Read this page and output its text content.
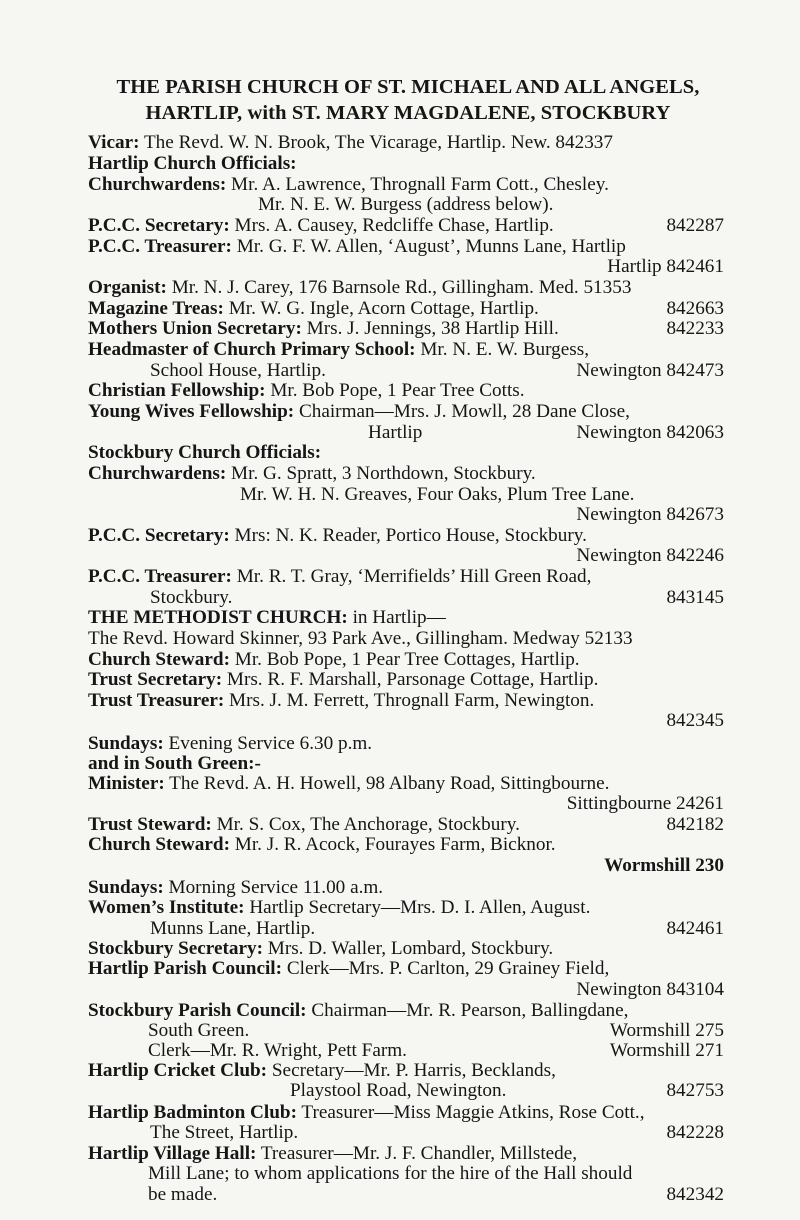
THE PARISH CHURCH OF ST. MICHAEL AND ALL ANGELS,
HARTLIP, with ST. MARY MAGDALENE, STOCKBURY
Vicar: The Revd. W. N. Brook, The Vicarage, Hartlip. New. 842337
Hartlip Church Officials:
Churchwardens: Mr. A. Lawrence, Thrognall Farm Cott., Chesley.
Mr. N. E. W. Burgess (address below).
P.C.C. Secretary: Mrs. A. Causey, Redcliffe Chase, Hartlip.	842287
P.C.C. Treasurer: Mr. G. F. W. Allen, ‘August’, Munns Lane, Hartlip
Hartlip 842461
Organist: Mr. N. J. Carey, 176 Barnsole Rd., Gillingham. Med. 51353
Magazine Treas: Mr. W. G. Ingle, Acorn Cottage, Hartlip.	842663
Mothers Union Secretary: Mrs. J. Jennings, 38 Hartlip Hill.	842233
Headmaster of Church Primary School: Mr. N. E. W. Burgess,
School House, Hartlip.	Newington 842473
Christian Fellowship: Mr. Bob Pope, 1 Pear Tree Cotts.
Young Wives Fellowship: Chairman—Mrs. J. Mowll, 28 Dane Close,
Hartlip	Newington 842063
Stockbury Church Officials:
Churchwardens: Mr. G. Spratt, 3 Northdown, Stockbury.
Mr. W. H. N. Greaves, Four Oaks, Plum Tree Lane.
Newington 842673
P.C.C. Secretary: Mrs: N. K. Reader, Portico House, Stockbury.
Newington 842246
P.C.C. Treasurer: Mr. R. T. Gray, ‘Merrifields’ Hill Green Road,
Stockbury.	843145
THE METHODIST CHURCH: in Hartlip—
The Revd. Howard Skinner, 93 Park Ave., Gillingham. Medway 52133
Church Steward: Mr. Bob Pope, 1 Pear Tree Cottages, Hartlip.
Trust Secretary: Mrs. R. F. Marshall, Parsonage Cottage, Hartlip.
Trust Treasurer: Mrs. J. M. Ferrett, Thrognall Farm, Newington.
842345
Sundays: Evening Service 6.30 p.m.
and in South Green:-
Minister: The Revd. A. H. Howell, 98 Albany Road, Sittingbourne.
Sittingbourne 24261
Trust Steward: Mr. S. Cox, The Anchorage, Stockbury.	842182
Church Steward: Mr. J. R. Acock, Fourayes Farm, Bicknor.
Wormshill 230
Sundays: Morning Service 11.00 a.m.
Women’s Institute: Hartlip Secretary—Mrs. D. I. Allen, August.
Munns Lane, Hartlip.	842461
Stockbury Secretary: Mrs. D. Waller, Lombard, Stockbury.
Hartlip Parish Council: Clerk—Mrs. P. Carlton, 29 Grainey Field,
Newington 843104
Stockbury Parish Council: Chairman—Mr. R. Pearson, Ballingdane,
South Green.	Wormshill 275
Clerk—Mr. R. Wright, Pett Farm.	Wormshill 271
Hartlip Cricket Club: Secretary—Mr. P. Harris, Becklands,
Playstool Road, Newington.	842753
Hartlip Badminton Club: Treasurer—Miss Maggie Atkins, Rose Cott.,
The Street, Hartlip.	842228
Hartlip Village Hall: Treasurer—Mr. J. F. Chandler, Millstede,
Mill Lane; to whom applications for the hire of the Hall should
be made.	842342
